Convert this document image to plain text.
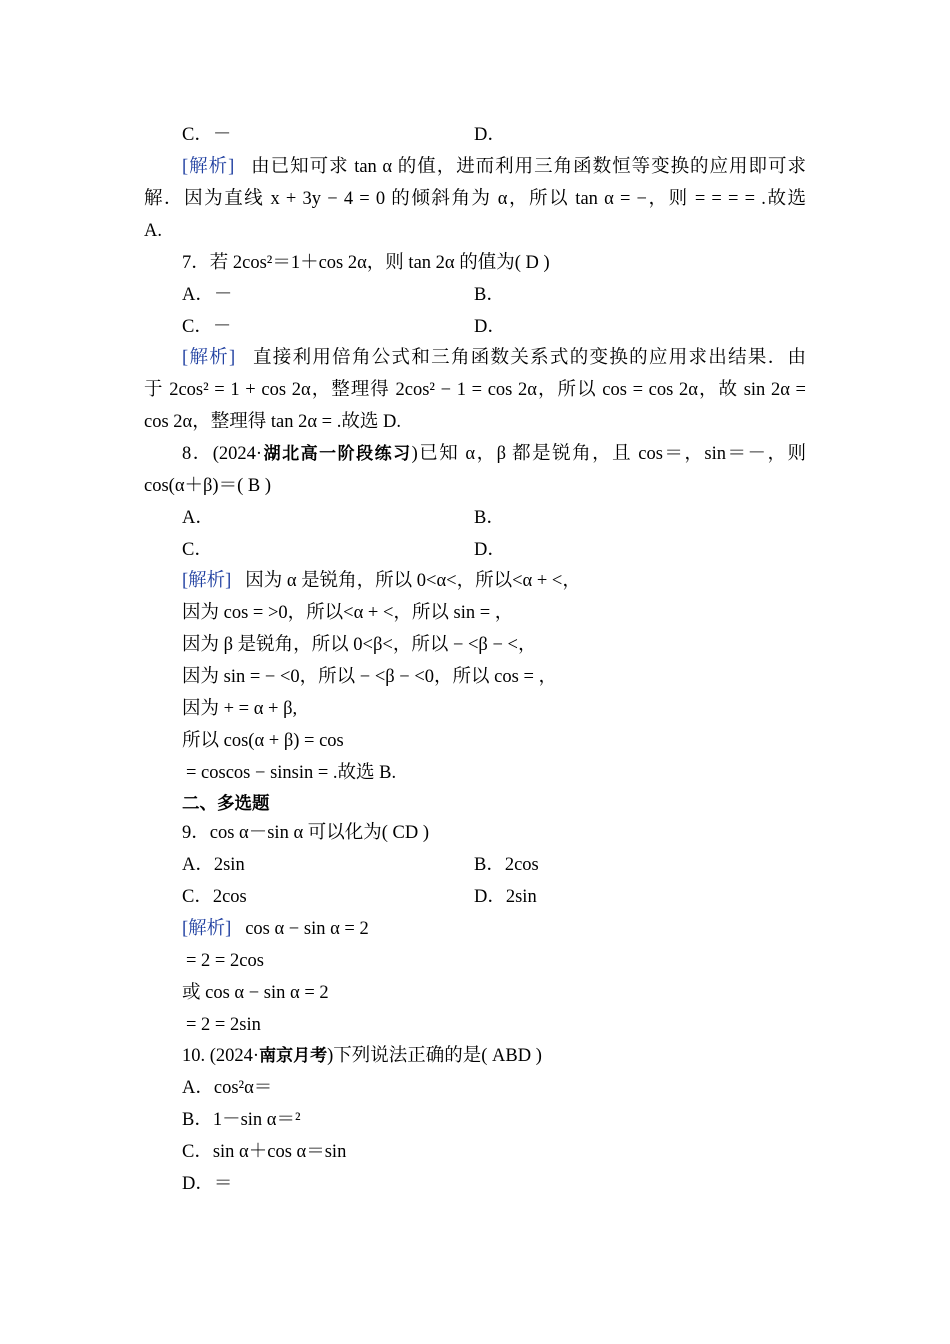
C．－	D．
[解析] 由已知可求 tan α 的值，进而利用三角函数恒等变换的应用即可求
解．因为直线 x + 3y − 4 = 0 的倾斜角为 α，所以 tan α = −，则 = = = = .故选
A.
7．若 2cos²＝1＋cos 2α，则 tan 2α 的值为( D )
A．－	B．
C．－	D．
[解析] 直接利用倍角公式和三角函数关系式的变换的应用求出结果．由
于 2cos² = 1 + cos 2α，整理得 2cos² − 1 = cos 2α，所以 cos = cos 2α，故 sin 2α =
cos 2α，整理得 tan 2α = .故选 D.
8．(2024·湖北高一阶段练习)已知 α，β 都是锐角，且 cos＝，sin＝－，则
cos(α＋β)＝( B )
A．	B．
C．	D．
[解析] 因为 α 是锐角，所以 0<α<，所以<α + <，
因为 cos = >0，所以<α + <，所以 sin = ，
因为 β 是锐角，所以 0<β<，所以 − <β − <，
因为 sin = − <0，所以 − <β − <0，所以 cos = ，
因为 + = α + β,
所以 cos(α + β) = cos
= coscos − sinsin = .故选 B.
二、多选题
9．cos α－sin α 可以化为( CD )
A．2sin	B．2cos
C．2cos	D．2sin
[解析] cos α − sin α = 2
= 2 = 2cos
或 cos α − sin α = 2
= 2 = 2sin
10. (2024·南京月考)下列说法正确的是( ABD )
A．cos²α＝
B．1－sin α＝²
C．sin α＋cos α＝sin
D．＝
